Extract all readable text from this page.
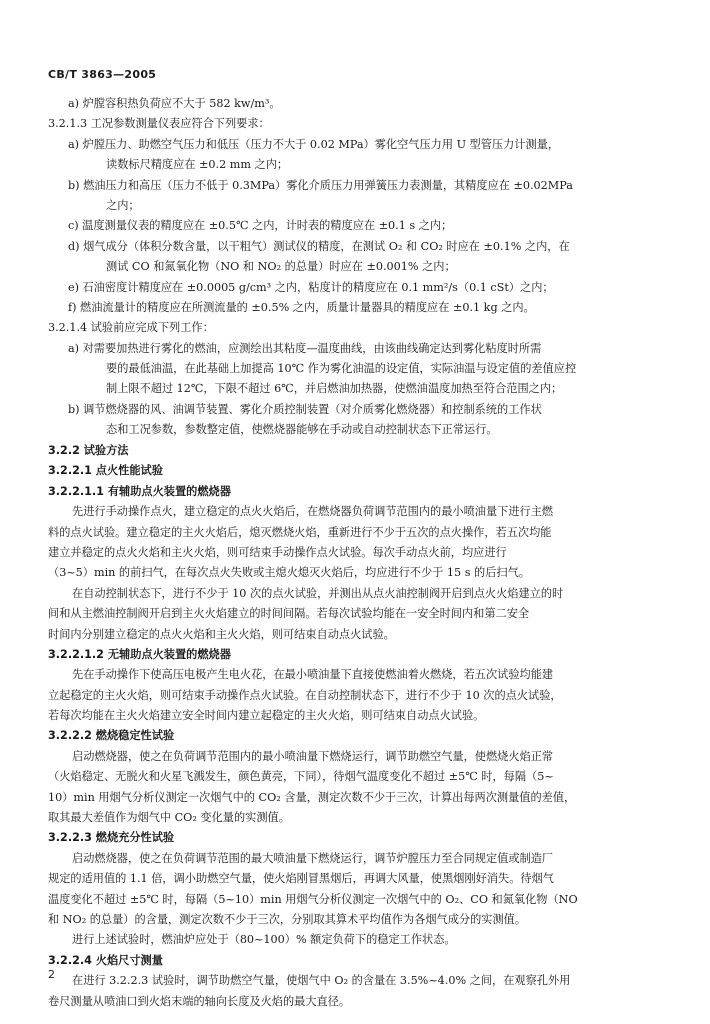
CB/T 3863—2005
a) 炉膛容积热负荷应不大于 582 kw/m³。
3.2.1.3 工况参数测量仪表应符合下列要求：
a) 炉膛压力、助燃空气压力和低压（压力不大于 0.02 MPa）雾化空气压力用 U 型管压力计测量，
读数标尺精度应在 ±0.2 mm 之内；
b) 燃油压力和高压（压力不低于 0.3MPa）雾化介质压力用弹簧压力表测量，其精度应在 ±0.02MPa
之内；
c) 温度测量仪表的精度应在 ±0.5℃ 之内，计时表的精度应在 ±0.1 s 之内；
d) 烟气成分（体积分数含量，以干粗气）测试仪的精度，在测试 O₂ 和 CO₂ 时应在 ±0.1% 之内，在
测试 CO 和氮氧化物（NO 和 NO₂ 的总量）时应在 ±0.001% 之内；
e) 石油密度计精度应在 ±0.0005 g/cm³ 之内，粘度计的精度应在 0.1 mm²/s（0.1 cSt）之内；
f) 燃油流量计的精度应在所测流量的 ±0.5% 之内，质量计量器具的精度应在 ±0.1 kg 之内。
3.2.1.4 试验前应完成下列工作：
a) 对需要加热进行雾化的燃油，应测绘出其粘度—温度曲线，由该曲线确定达到雾化粘度时所需
要的最低油温，在此基础上加提高 10℃ 作为雾化油温的设定值，实际油温与设定值的差值应控
制上限不超过 12℃，下限不超过 6℃，并启燃油加热器，使燃油温度加热至符合范围之内；
b) 调节燃烧器的风、油调节装置、雾化介质控制装置（对介质雾化燃烧器）和控制系统的工作状
态和工况参数，参数整定值，使燃烧器能够在手动或自动控制状态下正常运行。
3.2.2 试验方法
3.2.2.1 点火性能试验
3.2.2.1.1 有辅助点火装置的燃烧器
先进行手动操作点火，建立稳定的点火火焰后，在燃烧器负荷调节范围内的最小喷油量下进行主燃
料的点火试验。建立稳定的主火火焰后，熄灭燃烧火焰，重新进行不少于五次的点火操作，若五次均能
建立并稳定的点火火焰和主火火焰，则可结束手动操作点火试验。每次手动点火前，均应进行
（3~5）min 的前扫气，在每次点火失败或主熄火熄灭火焰后，均应进行不少于 15 s 的后扫气。
在自动控制状态下，进行不少于 10 次的点火试验，并测出从点火油控制阀开启到点火火焰建立的时
间和从主燃油控制阀开启到主火火焰建立的时间间隔。若每次试验均能在一安全时间内和第二安全
时间内分别建立稳定的点火火焰和主火火焰，则可结束自动点火试验。
3.2.2.1.2 无辅助点火装置的燃烧器
先在手动操作下使高压电极产生电火花，在最小喷油量下直接使燃油着火燃烧，若五次试验均能建
立起稳定的主火火焰，则可结束手动操作点火试验。在自动控制状态下，进行不少于 10 次的点火试验，
若每次均能在主火火焰建立安全时间内建立起稳定的主火火焰，则可结束自动点火试验。
3.2.2.2 燃烧稳定性试验
启动燃烧器，使之在负荷调节范围内的最小喷油量下燃烧运行，调节助燃空气量，使燃烧火焰正常
（火焰稳定、无脱火和火星飞溅发生，颜色黄亮，下同），待烟气温度变化不超过 ±5℃ 时，每隔（5~
10）min 用烟气分析仪测定一次烟气中的 CO₂ 含量，测定次数不少于三次，计算出每两次测量值的差值，
取其最大差值作为烟气中 CO₂ 变化量的实测值。
3.2.2.3 燃烧充分性试验
启动燃烧器，使之在负荷调节范围的最大喷油量下燃烧运行，调节炉膛压力至合同规定值或制造厂
规定的适用值的 1.1 倍，调小助燃空气量，使火焰刚冒黑烟后，再调大风量，使黑烟刚好消失。待烟气
温度变化不超过 ±5℃ 时，每隔（5~10）min 用烟气分析仪测定一次烟气中的 O₂、CO 和氮氧化物（NO
和 NO₂ 的总量）的含量，测定次数不少于三次，分别取其算术平均值作为各烟气成分的实测值。
进行上述试验时，燃油炉应处于（80~100）% 额定负荷下的稳定工作状态。
3.2.2.4 火焰尺寸测量
在进行 3.2.2.3 试验时，调节助燃空气量，使烟气中 O₂ 的含量在 3.5%~4.0% 之间，在观察孔外用
卷尺测量从喷油口到火焰末端的轴向长度及火焰的最大直径。
2
